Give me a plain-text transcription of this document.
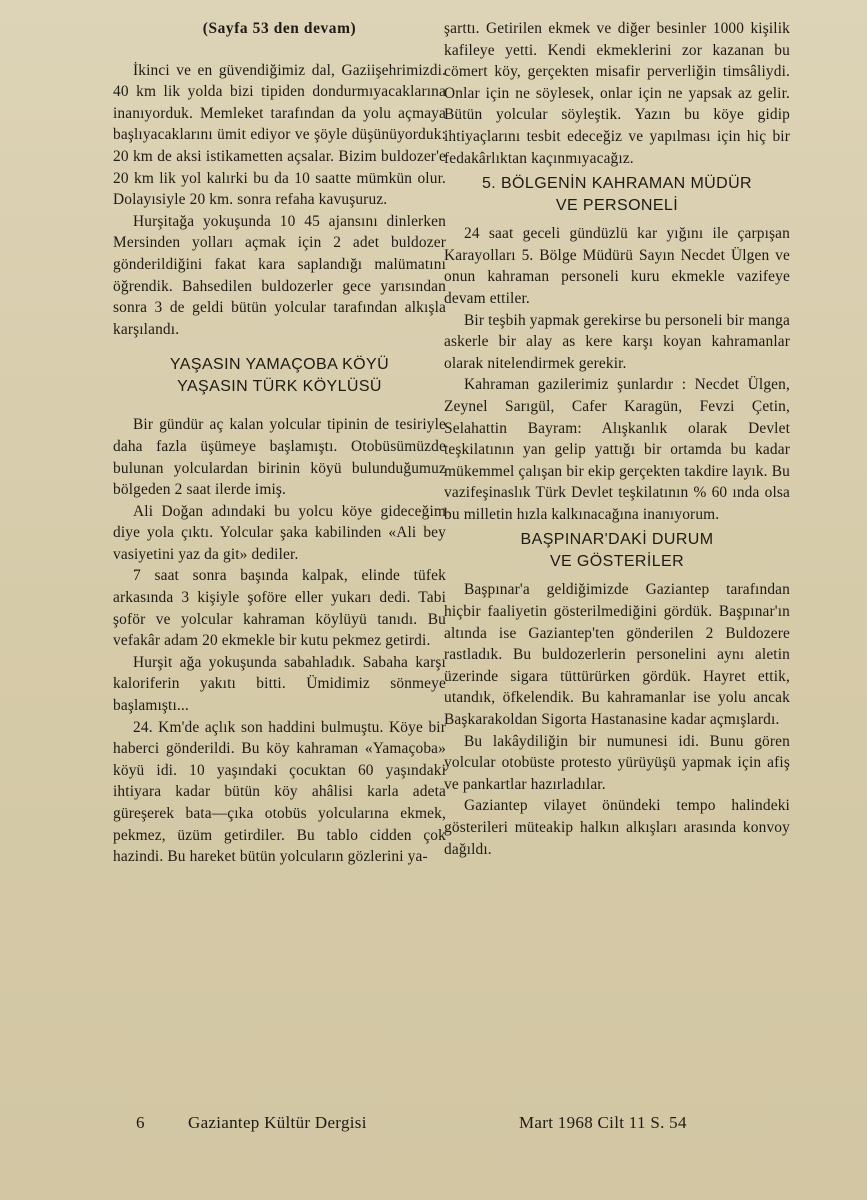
(Sayfa 53 den devam)

İkinci ve en güvendiğimiz dal, Gaziişehrimizdi. 40 km lik yolda bizi tipiden dondurmıyacaklarına inanıyorduk. Memleket tarafından da yolu açmaya başlıyacaklarını ümit ediyor ve şöyle düşünüyorduk: 20 km de aksi istikametten açsalar. Bizim buldozer'e 20 km lik yol kalırki bu da 10 saatte mümkün olur. Dolayısiyle 20 km. sonra refaha kavuşuruz.

Hurşitağa yokuşunda 10 45 ajansını dinlerken Mersinden yolları açmak için 2 adet buldozer gönderildiğini fakat kara saplandığı malümatını öğrendik. Bahsedilen buldozerler gece yarısından sonra 3 de geldi bütün yolcular tarafından alkışla karşılandı.

YAŞASIN YAMAÇOBA KÖYÜ
YAŞASIN TÜRK KÖYLÜSÜ

Bir gündür aç kalan yolcular tipinin de tesiriyle daha fazla üşümeye başlamıştı. Otobüsümüzde bulunan yolculardan birinin köyü bulunduğumuz bölgeden 2 saat ilerde imiş.

Ali Doğan adındaki bu yolcu köye gideceğim diye yola çıktı. Yolcular şaka kabilinden «Ali bey vasiyetini yaz da git» dediler.

7 saat sonra başında kalpak, elinde tüfek arkasında 3 kişiyle şoföre eller yukarı dedi. Tabi şoför ve yolcular kahraman köylüyü tanıdı. Bu vefakâr adam 20 ekmekle bir kutu pekmez getirdi.

Hurşit ağa yokuşunda sabahladık. Sabaha karşı kaloriferin yakıtı bitti. Ümidimiz sönmeye başlamıştı...

24. Km'de açlık son haddini bulmuştu. Köye bir haberci gönderildi. Bu köy kahraman «Yamaçoba» köyü idi. 10 yaşındaki çocuktan 60 yaşındaki ihtiyara kadar bütün köy ahâlisi karla adeta güreşerek bata—çıka otobüs yolcularına ekmek, pekmez, üzüm getirdiler. Bu tablo cidden çok hazindi. Bu hareket bütün yolcuların gözlerini ya-

şarttı. Getirilen ekmek ve diğer besinler 1000 kişilik kafileye yetti. Kendi ekmeklerini zor kazanan bu cömert köy, gerçekten misafir perverliğin timsâliydi. Onlar için ne söylesek, onlar için ne yapsak az gelir. Bütün yolcular söyleştik. Yazın bu köye gidip ihtiyaçlarını tesbit edeceğiz ve yapılması için hiç bir fedakârlıktan kaçınmıyacağız.

5. BÖLGENİN KAHRAMAN MÜDÜR
VE PERSONELİ

24 saat geceli gündüzlü kar yığını ile çarpışan Karayolları 5. Bölge Müdürü Sayın Necdet Ülgen ve onun kahraman personeli kuru ekmekle vazifeye devam ettiler.

Bir teşbih yapmak gerekirse bu personeli bir manga askerle bir alay as kere karşı koyan kahramanlar olarak nitelendirmek gerekir.

Kahraman gazilerimiz şunlardır : Necdet Ülgen, Zeynel Sarıgül, Cafer Karagün, Fevzi Çetin, Selahattin Bayram: Alışkanlık olarak Devlet teşkilatının yan gelip yattığı bir ortamda bu kadar mükemmel çalışan bir ekip gerçekten takdire layık. Bu vazifeşinaslık Türk Devlet teşkilatının % 60 ında olsa bu milletin hızla kalkınacağına inanıyorum.

BAŞPINAR'DAKİ DURUM
VE GÖSTERİLER

Başpınar'a geldiğimizde Gaziantep tarafından hiçbir faaliyetin gösterilmediğini gördük. Başpınar'ın altında ise Gaziantep'ten gönderilen 2 Buldozere rastladık. Bu buldozerlerin personelini aynı aletin üzerinde sigara tüttürürken gördük. Hayret ettik, utandık, öfkelendik. Bu kahramanlar ise yolu ancak Başkarakoldan Sigorta Hastanasine kadar açmışlardı.

Bu lakâydiliğin bir numunesi idi. Bunu gören yolcular otobüste protesto yürüyüşü yapmak için afiş ve pankartlar hazırladılar.

Gaziantep vilayet önündeki tempo halindeki gösterileri müteakip halkın alkışları arasında konvoy dağıldı.

6	Gaziantep Kültür Dergisi	Mart 1968 Cilt 11 S. 54
